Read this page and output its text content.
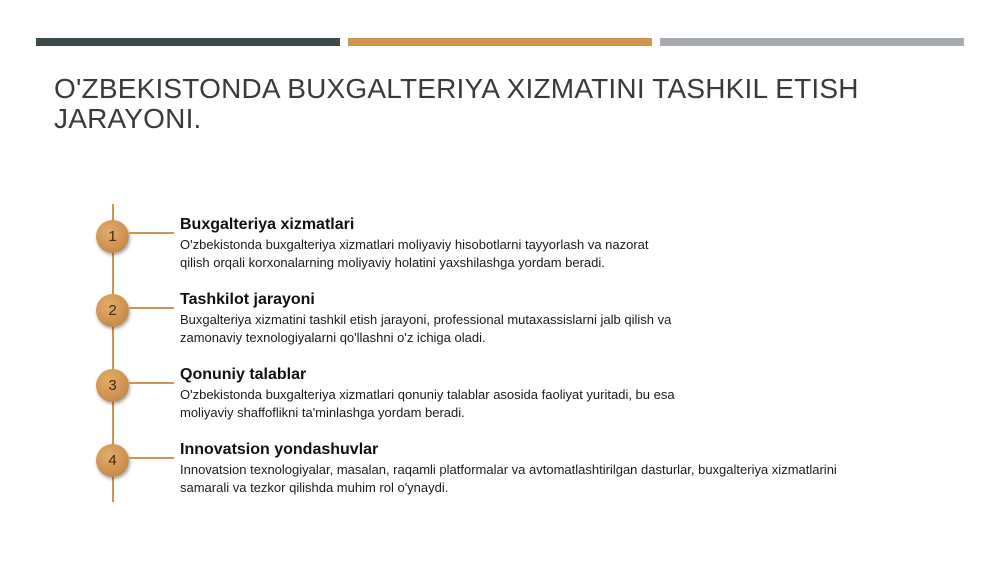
O'ZBEKISTONDA BUXGALTERIYA XIZMATINI TASHKIL ETISH JARAYONI.
1
Buxgalteriya xizmatlari

O'zbekistonda buxgalteriya xizmatlari moliyaviy hisobotlarni tayyorlash va nazorat qilish orqali korxonalarning moliyaviy holatini yaxshilashga yordam beradi.

2
Tashkilot jarayoni

Buxgalteriya xizmatini tashkil etish jarayoni, professional mutaxassislarni jalb qilish va zamonaviy texnologiyalarni qo'llashni o'z ichiga oladi.

3
Qonuniy talablar

O'zbekistonda buxgalteriya xizmatlari qonuniy talablar asosida faoliyat yuritadi, bu esa moliyaviy shaffoflikni ta'minlashga yordam beradi.

4
Innovatsion yondashuvlar

Innovatsion texnologiyalar, masalan, raqamli platformalar va avtomatlashtirilgan dasturlar, buxgalteriya xizmatlarini samarali va tezkor qilishda muhim rol o'ynaydi.
